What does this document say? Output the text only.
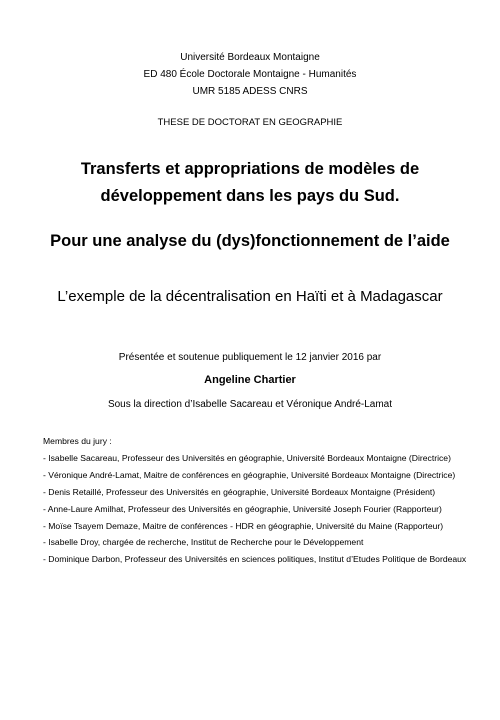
Université Bordeaux Montaigne
ED 480 École Doctorale Montaigne - Humanités
UMR 5185 ADESS CNRS
THESE DE DOCTORAT EN GEOGRAPHIE
Transferts et appropriations de modèles de
développement dans les pays du Sud.
Pour une analyse du (dys)fonctionnement de l’aide
L’exemple de la décentralisation en Haïti et à Madagascar
Présentée et soutenue publiquement le 12 janvier 2016 par
Angeline Chartier
Sous la direction d’Isabelle Sacareau et Véronique André-Lamat
Membres du jury :
- Isabelle Sacareau, Professeur des Universités en géographie, Université Bordeaux Montaigne (Directrice)
- Véronique André-Lamat, Maitre de conférences en géographie, Université Bordeaux Montaigne (Directrice)
- Denis Retaillé, Professeur des Universités en géographie, Université Bordeaux Montaigne (Président)
- Anne-Laure Amilhat, Professeur des Universités en géographie, Université Joseph Fourier (Rapporteur)
- Moïse Tsayem Demaze, Maitre de conférences - HDR en géographie, Université du Maine (Rapporteur)
- Isabelle Droy, chargée de recherche, Institut de Recherche pour le Développement
- Dominique Darbon, Professeur des Universités en sciences politiques, Institut d’Etudes Politique de Bordeaux
